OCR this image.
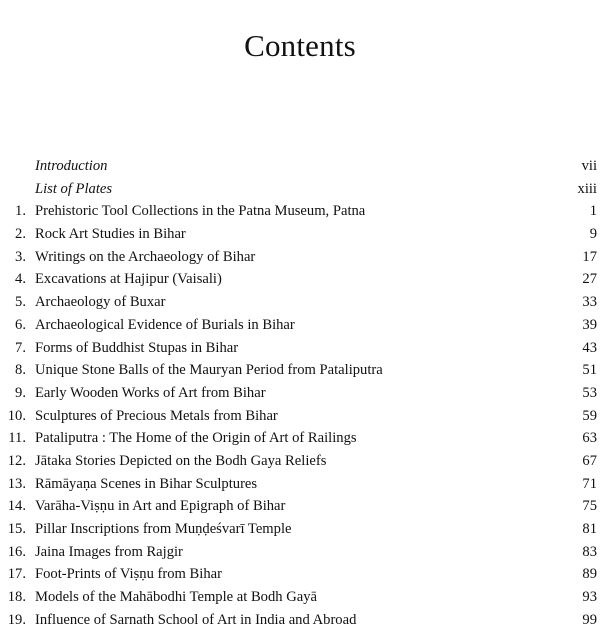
Contents
Introduction	vii
List of Plates	xiii
1. Prehistoric Tool Collections in the Patna Museum, Patna	1
2. Rock Art Studies in Bihar	9
3. Writings on the Archaeology of Bihar	17
4. Excavations at Hajipur (Vaisali)	27
5. Archaeology of Buxar	33
6. Archaeological Evidence of Burials in Bihar	39
7. Forms of Buddhist Stupas in Bihar	43
8. Unique Stone Balls of the Mauryan Period from Pataliputra	51
9. Early Wooden Works of Art from Bihar	53
10. Sculptures of Precious Metals from Bihar	59
11. Pataliputra : The Home of the Origin of Art of Railings	63
12. Jātaka Stories Depicted on the Bodh Gaya Reliefs	67
13. Rāmāyaṇa Scenes in Bihar Sculptures	71
14. Varāha-Viṣṇu in Art and Epigraph of Bihar	75
15. Pillar Inscriptions from Muṇḍeśvarī Temple	81
16. Jaina Images from Rajgir	83
17. Foot-Prints of Viṣṇu from Bihar	89
18. Models of the Mahābodhi Temple at Bodh Gayā	93
19. Influence of Sarnath School of Art in India and Abroad	99
